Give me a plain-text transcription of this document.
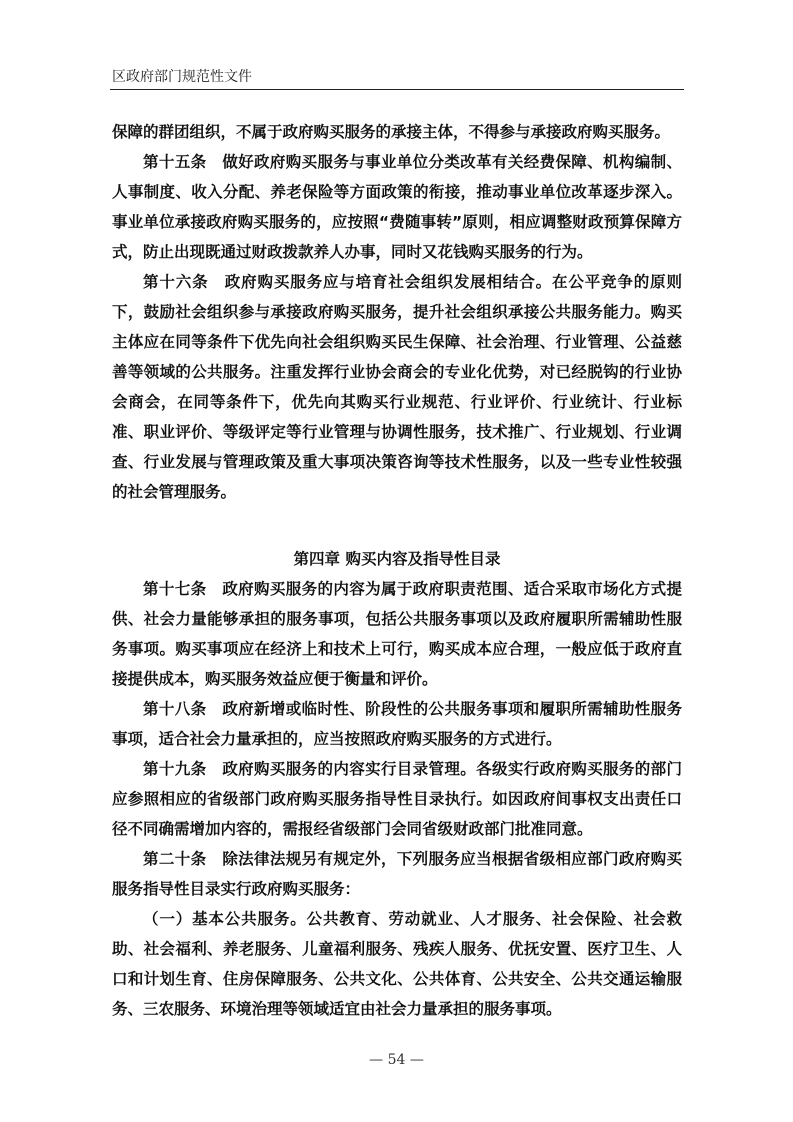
区政府部门规范性文件

保障的群团组织，不属于政府购买服务的承接主体，不得参与承接政府购买服务。

第十五条　做好政府购买服务与事业单位分类改革有关经费保障、机构编制、人事制度、收入分配、养老保险等方面政策的衔接，推动事业单位改革逐步深入。事业单位承接政府购买服务的，应按照“费随事转”原则，相应调整财政预算保障方式，防止出现既通过财政拨款养人办事，同时又花钱购买服务的行为。

第十六条　政府购买服务应与培育社会组织发展相结合。在公平竞争的原则下，鼓励社会组织参与承接政府购买服务，提升社会组织承接公共服务能力。购买主体应在同等条件下优先向社会组织购买民生保障、社会治理、行业管理、公益慈善等领域的公共服务。注重发挥行业协会商会的专业化优势，对已经脱钩的行业协会商会，在同等条件下，优先向其购买行业规范、行业评价、行业统计、行业标准、职业评价、等级评定等行业管理与协调性服务，技术推广、行业规划、行业调查、行业发展与管理政策及重大事项决策咨询等技术性服务，以及一些专业性较强的社会管理服务。

第四章 购买内容及指导性目录

第十七条　政府购买服务的内容为属于政府职责范围、适合采取市场化方式提供、社会力量能够承担的服务事项，包括公共服务事项以及政府履职所需辅助性服务事项。购买事项应在经济上和技术上可行，购买成本应合理，一般应低于政府直接提供成本，购买服务效益应便于衡量和评价。

第十八条　政府新增或临时性、阶段性的公共服务事项和履职所需辅助性服务事项，适合社会力量承担的，应当按照政府购买服务的方式进行。

第十九条　政府购买服务的内容实行目录管理。各级实行政府购买服务的部门应参照相应的省级部门政府购买服务指导性目录执行。如因政府间事权支出责任口径不同确需增加内容的，需报经省级部门会同省级财政部门批准同意。

第二十条　除法律法规另有规定外，下列服务应当根据省级相应部门政府购买服务指导性目录实行政府购买服务：

（一）基本公共服务。公共教育、劳动就业、人才服务、社会保险、社会救助、社会福利、养老服务、儿童福利服务、残疾人服务、优抚安置、医疗卫生、人口和计划生育、住房保障服务、公共文化、公共体育、公共安全、公共交通运输服务、三农服务、环境治理等领域适宜由社会力量承担的服务事项。

— 54 —
